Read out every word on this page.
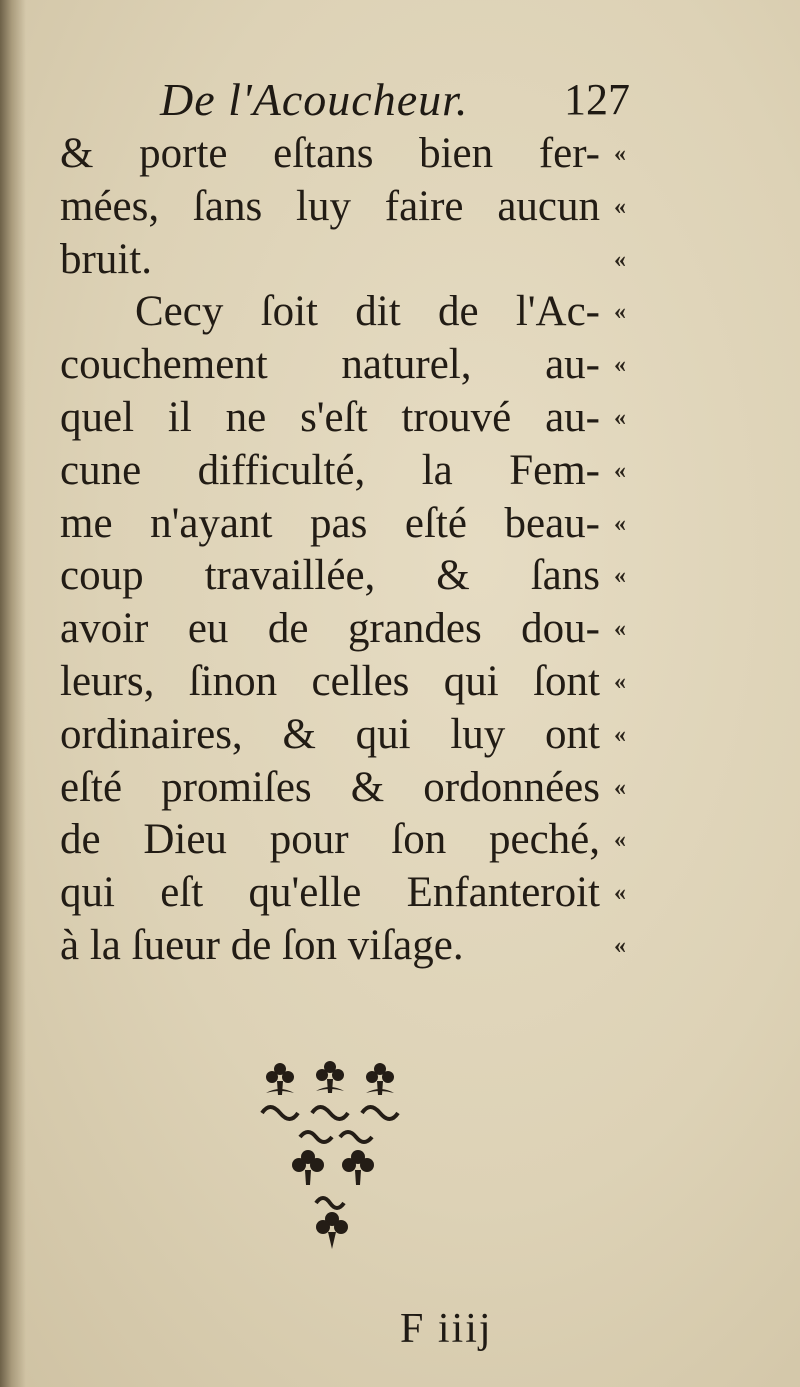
De l'Acoucheur. 127
& porte eſtans bien fer-
mées, ſans luy faire aucun
bruit.
Cecy ſoit dit de l'Ac-
couchement naturel, au-
quel il ne s'eſt trouvé au-
cune difficulté, la Fem-
me n'ayant pas eſté beau-
coup travaillée, & ſans
avoir eu de grandes dou-
leurs, ſinon celles qui ſont
ordinaires, & qui luy ont
eſté promiſes & ordonnées
de Dieu pour ſon peché,
qui eſt qu'elle Enfanteroit
à la ſueur de ſon viſage.
«
«
«
«
«
«
«
«
«
«
«
«
«
«
«
«
F iiij
